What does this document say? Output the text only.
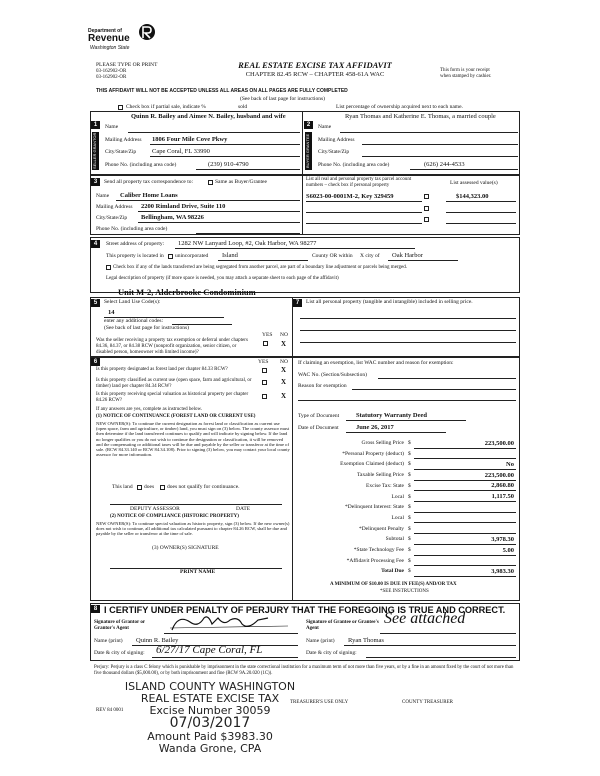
Department of
Revenue
Washington State
PLEASE TYPE OR PRINT
03-162902-OR
03-162902-OR
REAL ESTATE EXCISE TAX AFFIDAVIT
CHAPTER 82.45 RCW – CHAPTER 458-61A WAC
This form is your receipt
when stamped by cashier.
THIS AFFIDAVIT WILL NOT BE ACCEPTED UNLESS ALL AREAS ON ALL PAGES ARE FULLY COMPLETED
(See back of last page for instructions)
Check box if partial sale, indicate %	sold	List percentage of ownership acquired next to each name.
1
SELLER GRANTOR
Name
Quinn R. Bailey and Aimee N. Bailey, husband and wife
Mailing Address 1806 Four Mile Cove Pkwy
City/State/Zip Cape Coral, FL 33990
Phone No. (including area code)	(239) 910-4790
2
BUYER GRANTEE
Name
Ryan Thomas and Katherine E. Thomas, a married couple
Mailing Address
City/State/Zip
Phone No. (including area code)	(626) 244-4533
3	Send all property tax correspondence to:	Same as Buyer/Grantee
Name Caliber Home Loans
Mailing Address 2200 Rimland Drive, Suite 110
City/State/Zip Bellingham, WA 98226
Phone No. (including area code)
List all real and personal property tax parcel account numbers – check box if personal property	List assessed value(s)
S6023-00-0001M-2, Key 329459	$144,323.00
4	Street address of property: 1282 NW Lanyard Loop, #2, Oak Harbor, WA 98277
This property is located in unincorporated Island	County OR within X city of Oak Harbor
Check box if any of the lands transferred are being segregated from another parcel, are part of a boundary line adjustment or parcels being merged.
Legal description of property (if more space is needed, you may attach a separate sheet to each page of the affidavit)
Unit M-2, Alderbrooke Condominium
5	Select Land Use Code(s):
14
enter any additional codes:
(See back of last page for instructions)
YES NO
Was the seller receiving a property tax exemption or deferral under chapters 84.36, 84.37, or 84.38 RCW (nonprofit organization, senior citizen, or disabled person, homeowner with limited income)?
X
7	List all personal property (tangible and intangible) included in selling price.
6	YES NO
Is this property designated as forest land per chapter 84.33 RCW?	X
Is this property classified as current use (open space, farm and agricultural, or timber) land per chapter 84.34 RCW?
X
Is this property receiving special valuation as historical property per chapter 84.26 RCW?
X
If any answers are yes, complete as instructed below.
(1) NOTICE OF CONTINUANCE (FOREST LAND OR CURRENT USE)
NEW OWNER(S): To continue the current designation as forest land or classification as current use (open space, farm and agriculture, or timber) land, you must sign on (3) below. The county assessor must then determine if the land transferred continues to qualify and will indicate by signing below. If the land no longer qualifies or you do not wish to continue the designation or classification, it will be removed and the compensating or additional taxes will be due and payable by the seller or transferor at the time of sale. (RCW 84.33.140 or RCW 84.34.108). Prior to signing (3) below, you may contact your local county assessor for more information.
This land does does not qualify for continuance.
DEPUTY ASSESSOR	DATE
(2) NOTICE OF COMPLIANCE (HISTORIC PROPERTY)
NEW OWNER(S): To continue special valuation as historic property, sign (3) below. If the new owner(s) does not wish to continue, all additional tax calculated pursuant to chapter 84.26 RCW, shall be due and payable by the seller or transferor at the time of sale.
(3) OWNER(S) SIGNATURE
PRINT NAME
If claiming an exemption, list WAC number and reason for exemption:
WAC No. (Section/Subsection)
Reason for exemption
Type of Document	Statutory Warranty Deed
Date of Document	June 26, 2017
Gross Selling Price $	223,500.00
*Personal Property (deduct) $
Exemption Claimed (deduct) $	No
Taxable Selling Price $	223,500.00
Excise Tax: State $	2,860.80
Local $	1,117.50
*Delinquent Interest: State $
Local $
*Delinquent Penalty $
Subtotal $	3,978.30
*State Technology Fee $	5.00
*Affidavit Processing Fee $
Total Due $	3,983.30
A MINIMUM OF $10.00 IS DUE IN FEE(S) AND/OR TAX
*SEE INSTRUCTIONS
8 I CERTIFY UNDER PENALTY OF PERJURY THAT THE FOREGOING IS TRUE AND CORRECT.
Signature of Grantor or Grantor's Agent
Name (print) Quinn R. Bailey
Date & city of signing: 6/27/17 Cape Coral, FL
Signature of Grantee or Grantee's Agent
See attached
Name (print) Ryan Thomas
Date & city of signing:
Perjury: Perjury is a class C felony which is punishable by imprisonment in the state correctional institution for a maximum term of not more than five years, or by a fine in an amount fixed by the court of not more than five thousand dollars ($5,000.00), or by both imprisonment and fine (RCW 9A.20.020 (1C)).
ISLAND COUNTY WASHINGTON
REAL ESTATE EXCISE TAX
Excise Number 30059
07/03/2017
Amount Paid $3983.30
Wanda Grone, CPA
REV 84 0001
TREASURER'S USE ONLY	COUNTY TREASURER
